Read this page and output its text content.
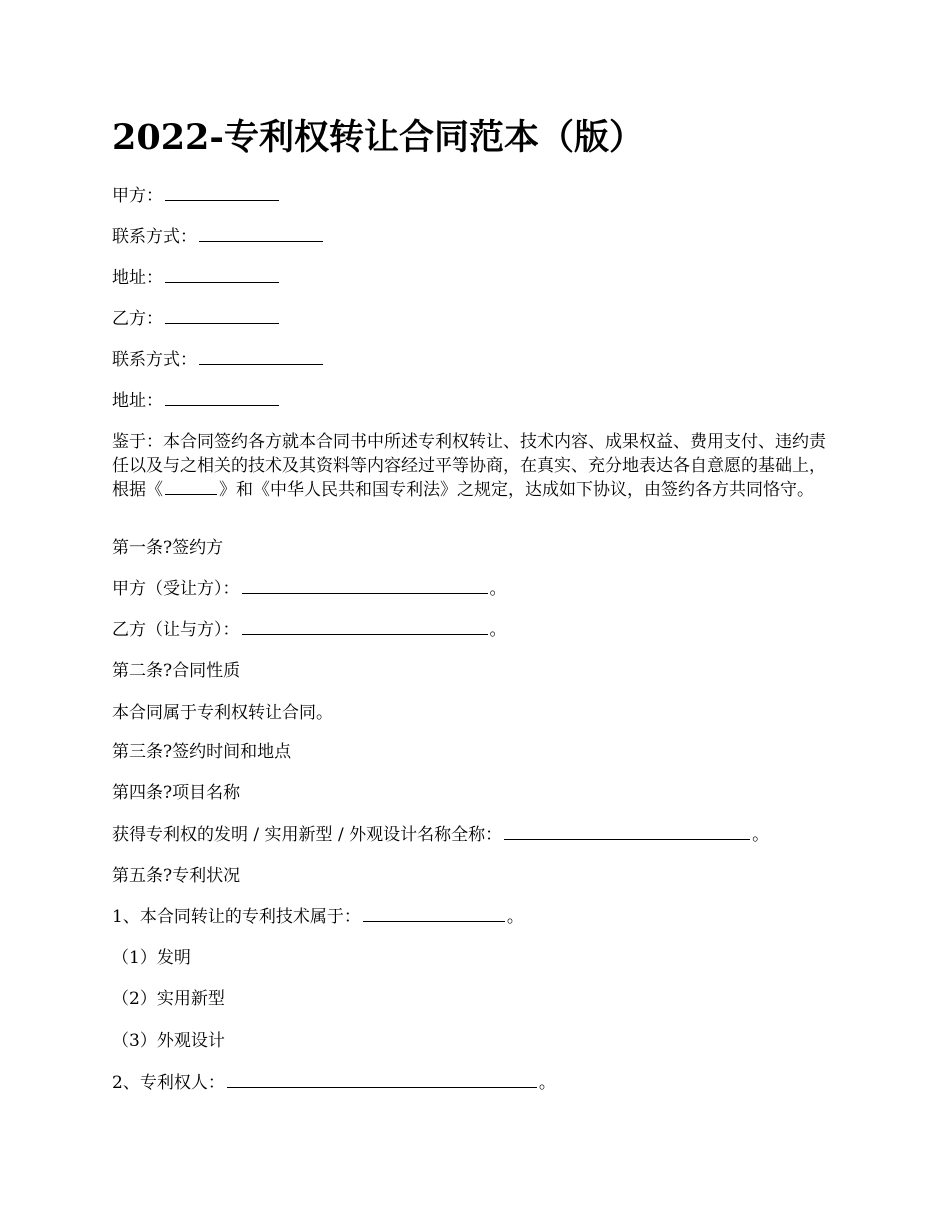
2022-专利权转让合同范本（版）
甲方：
联系方式：
地址：
乙方：
联系方式：
地址：
鉴于：本合同签约各方就本合同书中所述专利权转让、技术内容、成果权益、费用支付、违约责任以及与之相关的技术及其资料等内容经过平等协商，在真实、充分地表达各自意愿的基础上，根据《	》和《中华人民共和国专利法》之规定，达成如下协议，由签约各方共同恪守。
第一条?签约方
甲方（受让方）：	。
乙方（让与方）：	。
第二条?合同性质
本合同属于专利权转让合同。
第三条?签约时间和地点
第四条?项目名称
获得专利权的发明 / 实用新型 / 外观设计名称全称：	。
第五条?专利状况
1、本合同转让的专利技术属于：	。
（1）发明
（2）实用新型
（3）外观设计
2、专利权人：	。
